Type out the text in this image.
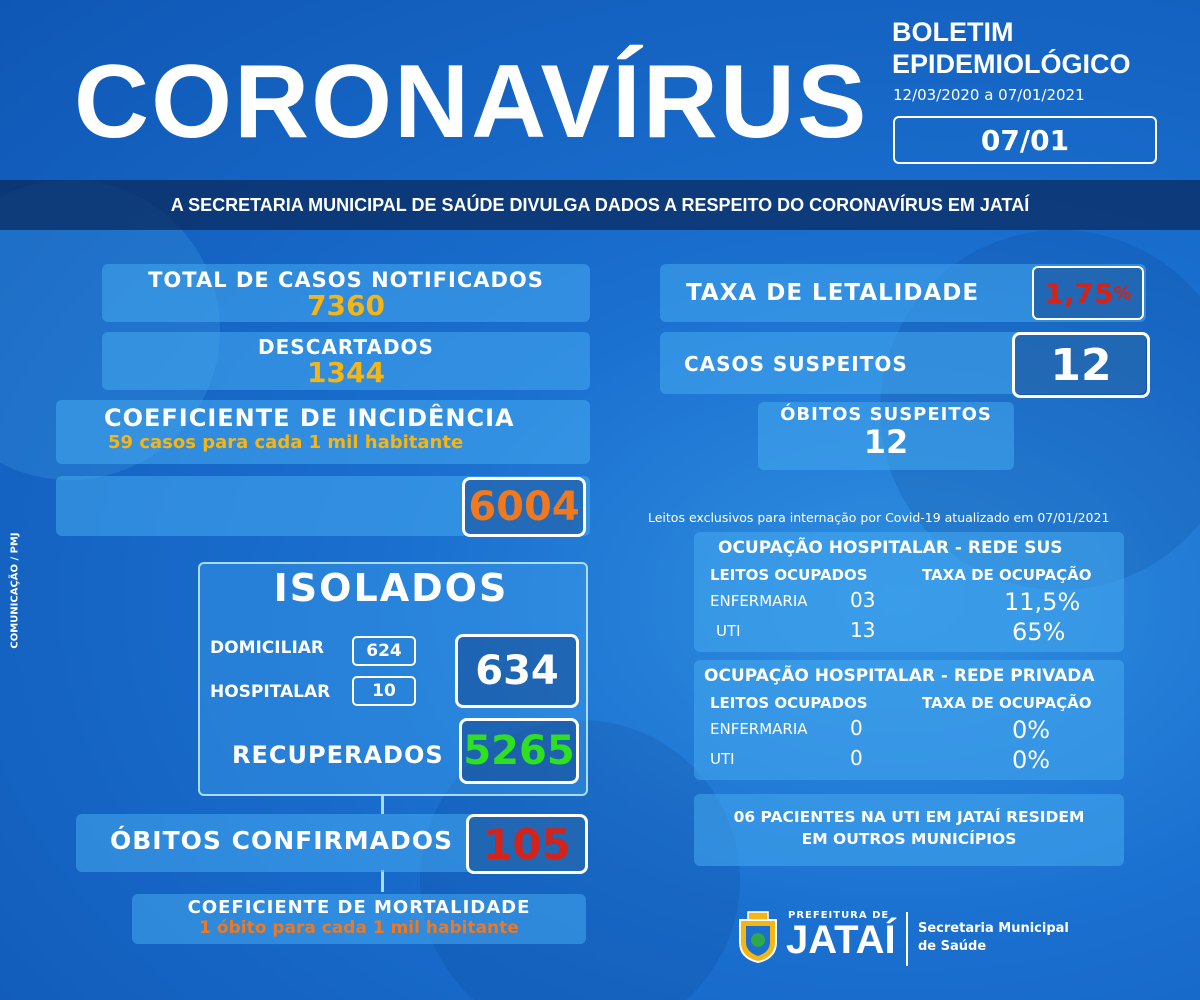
CORONAVÍRUS
BOLETIM
EPIDEMIOLÓGICO
12/03/2020 a 07/01/2021
07/01
A SECRETARIA MUNICIPAL DE SAÚDE DIVULGA DADOS A RESPEITO DO CORONAVÍRUS EM JATAÍ
COMUNICAÇÃO / PMJ
TOTAL DE CASOS NOTIFICADOS
7360
DESCARTADOS
1344
COEFICIENTE DE INCIDÊNCIA
59 casos para cada 1 mil habitante
6004
ISOLADOS
DOMICILIAR	624
HOSPITALAR	10	634
RECUPERADOS 5265
ÓBITOS CONFIRMADOS 105
COEFICIENTE DE MORTALIDADE
1 óbito para cada 1 mil habitante
TAXA DE LETALIDADE 1,75 %
CASOS SUSPEITOS	12
ÓBITOS SUSPEITOS
12
Leitos exclusivos para internação por Covid-19 atualizado em 07/01/2021
OCUPAÇÃO HOSPITALAR - REDE SUS
LEITOS OCUPADOS	TAXA DE OCUPAÇÃO
ENFERMARIA 03	11,5%
UTI	13	65%
OCUPAÇÃO HOSPITALAR - REDE PRIVADA
LEITOS OCUPADOS	TAXA DE OCUPAÇÃO
ENFERMARIA 0	0%
UTI	0	0%
06 PACIENTES NA UTI EM JATAÍ RESIDEM
EM OUTROS MUNICÍPIOS
PREFEITURA DE
JATAÍ Secretaria Municipal
de Saúde
